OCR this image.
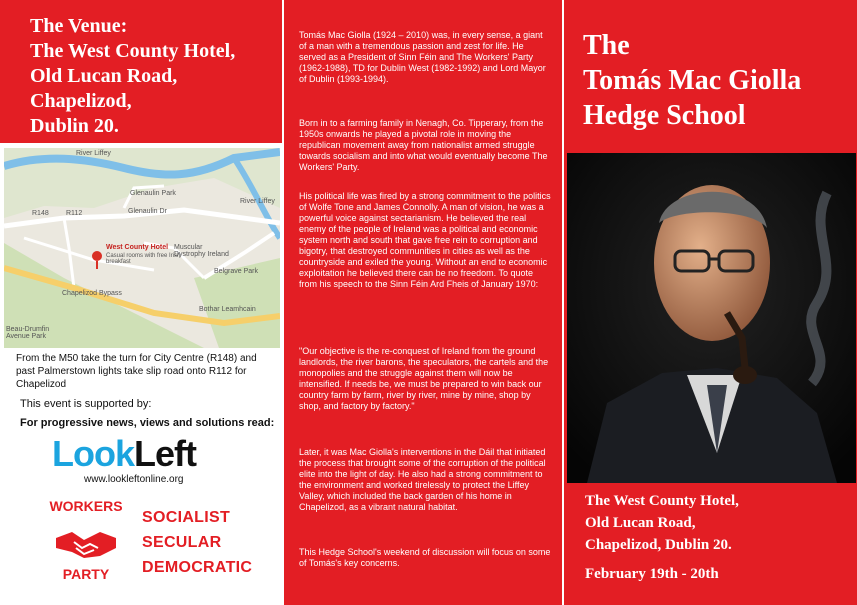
The Venue:
The West County Hotel,
Old Lucan Road,
Chapelizod,
Dublin 20.
River Liffey
Glenaulin Park
Glenaulin Dr
R148 R112
West County Hotel
Casual rooms with free Irish breakfast
Muscular Dystrophy Ireland
Belgrave Park
Chapelizod Bypass
Bothar Leamhcain
Beau-Drumfin Avenue Park
River Liffey
From the M50 take the turn for City Centre (R148) and past Palmerstown lights take slip road onto R112 for Chapelizod
This event is supported by:
For progressive news, views and solutions read:
LookLeft
www.lookleftonline.org
WORKERS
PARTY
SOCIALIST
SECULAR
DEMOCRATIC
Tomás Mac Giolla (1924 – 2010) was, in every sense, a giant of a man with a tremendous passion and zest for life. He served as a President of Sinn Féin and The Workers' Party (1962-1988), TD for Dublin West (1982-1992) and Lord Mayor of Dublin (1993-1994).
Born in to a farming family in Nenagh, Co. Tipperary, from the 1950s onwards he played a pivotal role in moving the republican movement away from nationalist armed struggle towards socialism and into what would eventually become The Workers' Party.
His political life was fired by a strong commitment to the politics of Wolfe Tone and James Connolly. A man of vision, he was a powerful voice against sectarianism. He believed the real enemy of the people of Ireland was a political and economic system north and south that gave free rein to corruption and bigotry, that destroyed communities in cities as well as the countryside and exiled the young. Without an end to economic exploitation he believed there can be no freedom. To quote from his speech to the Sinn Féin Ard Fheis of January 1970:
"Our objective is the re-conquest of Ireland from the ground landlords, the river barons, the speculators, the cartels and the monopolies and the struggle against them will now be intensified. If needs be, we must be prepared to win back our country farm by farm, river by river, mine by mine, shop by shop, and factory by factory."
Later, it was Mac Giolla's interventions in the Dáil that initiated the process that brought some of the corruption of the political elite into the light of day. He also had a strong commitment to the environment and worked tirelessly to protect the Liffey Valley, which included the back garden of his home in Chapelizod, as a vibrant natural habitat.
This Hedge School's weekend of discussion will focus on some of Tomás's key concerns.
The
Tomás Mac Giolla
Hedge School
The West County Hotel,
Old Lucan Road,
Chapelizod, Dublin 20.
February 19th - 20th
